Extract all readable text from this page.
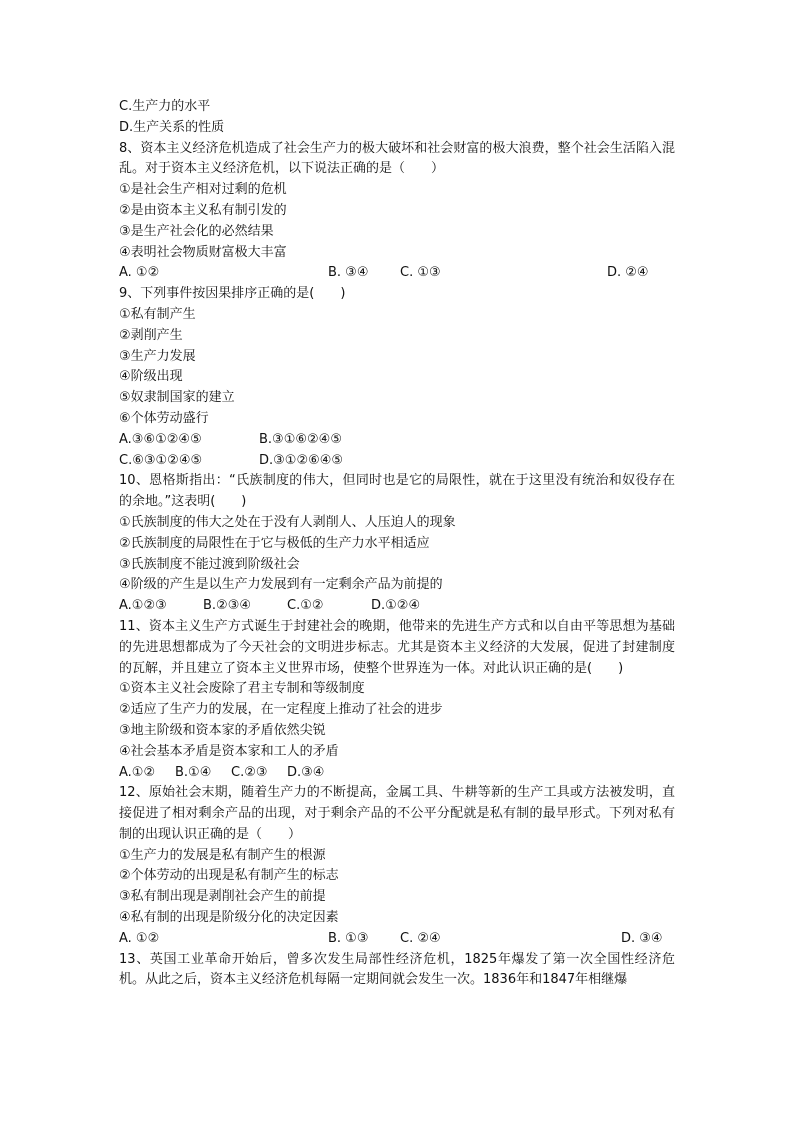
C.生产力的水平
D.生产关系的性质
8、资本主义经济危机造成了社会生产力的极大破坏和社会财富的极大浪费，整个社会生活陷入混乱。对于资本主义经济危机，以下说法正确的是（　　）
①是社会生产相对过剩的危机
②是由资本主义私有制引发的
③是生产社会化的必然结果
④表明社会物质财富极大丰富
A. ①②	B. ③④ C. ①③	D. ②④
9、下列事件按因果排序正确的是(　　)
①私有制产生
②剥削产生
③生产力发展
④阶级出现
⑤奴隶制国家的建立
⑥个体劳动盛行
A.③⑥①②④⑤	B.③①⑥②④⑤
C.⑥③①②④⑤	D.③①②⑥④⑤
10、恩格斯指出：“氏族制度的伟大，但同时也是它的局限性，就在于这里没有统治和奴役存在的余地。”这表明(　　)
①氏族制度的伟大之处在于没有人剥削人、人压迫人的现象
②氏族制度的局限性在于它与极低的生产力水平相适应
③氏族制度不能过渡到阶级社会
④阶级的产生是以生产力发展到有一定剩余产品为前提的
A.①②③	B.②③④	C.①②	D.①②④
11、资本主义生产方式诞生于封建社会的晚期，他带来的先进生产方式和以自由平等思想为基础的先进思想都成为了今天社会的文明进步标志。尤其是资本主义经济的大发展，促进了封建制度的瓦解，并且建立了资本主义世界市场，使整个世界连为一体。对此认识正确的是(　　)
①资本主义社会废除了君主专制和等级制度
②适应了生产力的发展，在一定程度上推动了社会的进步
③地主阶级和资本家的矛盾依然尖锐
④社会基本矛盾是资本家和工人的矛盾
A.①② B.①④ C.②③ D.③④
12、原始社会末期，随着生产力的不断提高，金属工具、牛耕等新的生产工具或方法被发明，直接促进了相对剩余产品的出现，对于剩余产品的不公平分配就是私有制的最早形式。下列对私有制的出现认识正确的是（　　）
①生产力的发展是私有制产生的根源
②个体劳动的出现是私有制产生的标志
③私有制出现是剥削社会产生的前提
④私有制的出现是阶级分化的决定因素
A. ①②	B. ①③ C. ②④	D. ③④
13、英国工业革命开始后，曾多次发生局部性经济危机，1825年爆发了第一次全国性经济危机。从此之后，资本主义经济危机每隔一定期间就会发生一次。1836年和1847年相继爆
